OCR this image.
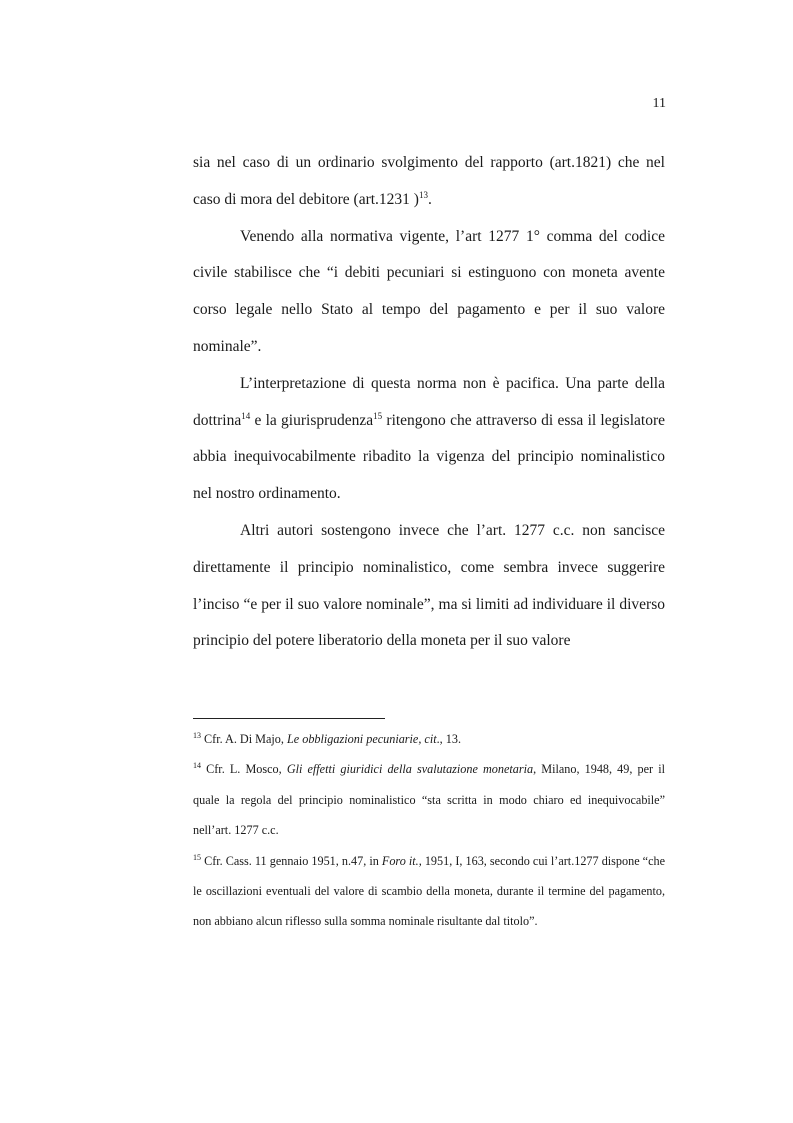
11

sia nel caso di un ordinario svolgimento del rapporto (art.1821) che nel caso di mora del debitore (art.1231 )$^{13}$.

Venendo alla normativa vigente, l’art 1277 1° comma del codice civile stabilisce che “i debiti pecuniari si estinguono con moneta avente corso legale nello Stato al tempo del pagamento e per il suo valore nominale”.

L’interpretazione di questa norma non è pacifica. Una parte della dottrina$^{14}$ e la giurisprudenza$^{15}$ ritengono che attraverso di essa il legislatore abbia inequivocabilmente ribadito la vigenza del principio nominalistico nel nostro ordinamento.

Altri autori sostengono invece che l’art. 1277 c.c. non sancisce direttamente il principio nominalistico, come sembra invece suggerire l’inciso “e per il suo valore nominale”, ma si limiti ad individuare il diverso principio del potere liberatorio della moneta per il suo valore

$^{13}$ Cfr. A. Di Majo, Le obbligazioni pecuniarie, cit., 13.

$^{14}$ Cfr. L. Mosco, Gli effetti giuridici della svalutazione monetaria, Milano, 1948, 49, per il quale la regola del principio nominalistico “sta scritta in modo chiaro ed inequivocabile” nell’art. 1277 c.c.

$^{15}$ Cfr. Cass. 11 gennaio 1951, n.47, in Foro it., 1951, I, 163, secondo cui l’art.1277 dispone “che le oscillazioni eventuali del valore di scambio della moneta, durante il termine del pagamento, non abbiano alcun riflesso sulla somma nominale risultante dal titolo”.
